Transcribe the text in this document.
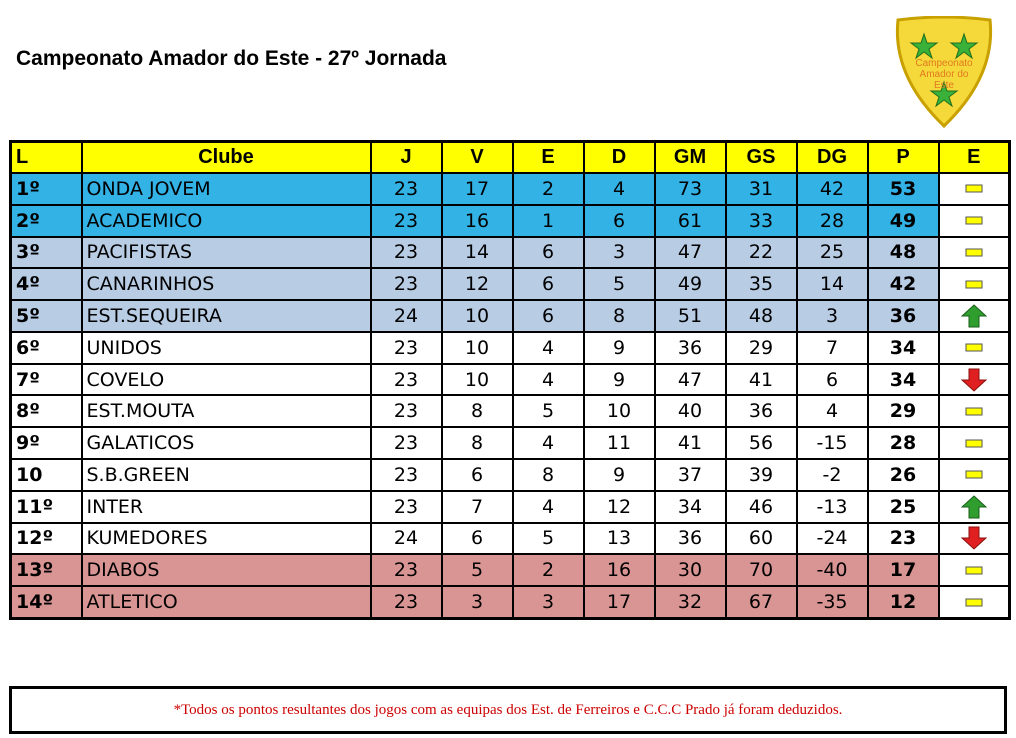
Campeonato Amador do Este - 27º Jornada	Campeonato
Amador do
Este
L	Clube	J	V	E	D	GM	GS	DG	P	E
1º	ONDA JOVEM	23	17	2	4	73	31	42	53	
2º	ACADEMICO	23	16	1	6	61	33	28	49	
3º	PACIFISTAS	23	14	6	3	47	22	25	48	
4º	CANARINHOS	23	12	6	5	49	35	14	42	
5º	EST.SEQUEIRA	24	10	6	8	51	48	3	36	
6º	UNIDOS	23	10	4	9	36	29	7	34	
7º	COVELO	23	10	4	9	47	41	6	34	
8º	EST.MOUTA	23	8	5	10	40	36	4	29	
9º	GALATICOS	23	8	4	11	41	56	-15	28	
10	S.B.GREEN	23	6	8	9	37	39	-2	26	
11º	INTER	23	7	4	12	34	46	-13	25	
12º	KUMEDORES	24	6	5	13	36	60	-24	23	
13º	DIABOS	23	5	2	16	30	70	-40	17	
14º	ATLETICO	23	3	3	17	32	67	-35	12	
*Todos os pontos resultantes dos jogos com as equipas dos Est. de Ferreiros e C.C.C Prado já foram deduzidos.
